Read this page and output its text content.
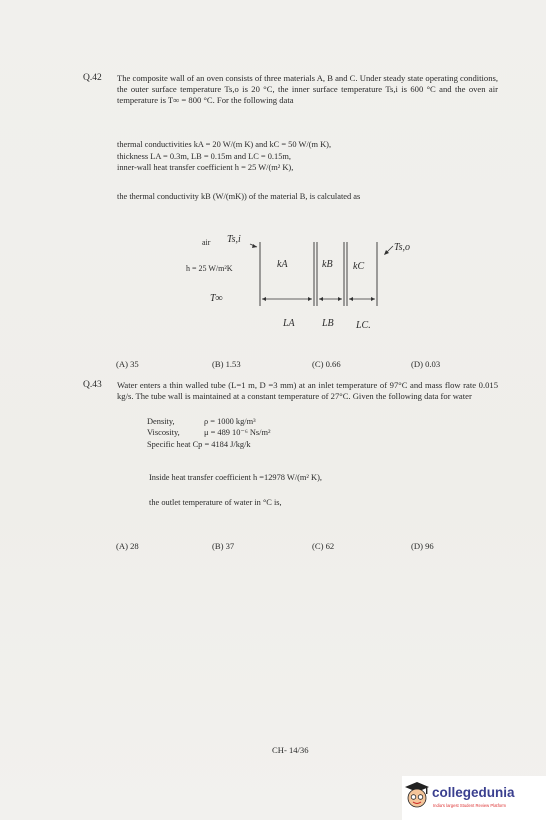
Q.42 The composite wall of an oven consists of three materials A, B and C. Under steady state operating conditions, the outer surface temperature Ts,o is 20 °C, the inner surface temperature Ts,i is 600 °C and the oven air temperature is T∞ = 800 °C. For the following data
thermal conductivities kA = 20 W/(m K) and kC = 50 W/(m K),
thickness LA = 0.3m, LB = 0.15m and LC = 0.15m,
inner-wall heat transfer coefficient h = 25 W/(m² K),
the thermal conductivity kB (W/(mK)) of the material B, is calculated as
air Ts,i
Ts,o
h = 25 W/m²K	kA	kB kC
T∞
LA	LB LC.
(A) 35	(B) 1.53	(C) 0.66	(D) 0.03
Q.43 Water enters a thin walled tube (L=1 m, D =3 mm) at an inlet temperature of 97°C and mass flow rate 0.015 kg/s. The tube wall is maintained at a constant temperature of 27°C. Given the following data for water
Density,	ρ = 1000 kg/m³
Viscosity,	μ = 489 10⁻⁶ Ns/m²
Specific heat Cp = 4184 J/kg/k
Inside heat transfer coefficient h =12978 W/(m² K),
the outlet temperature of water in °C is,
(A) 28	(B) 37	(C) 62	(D) 96
CH- 14/36
collegedunia
India's largest Student Review Platform
